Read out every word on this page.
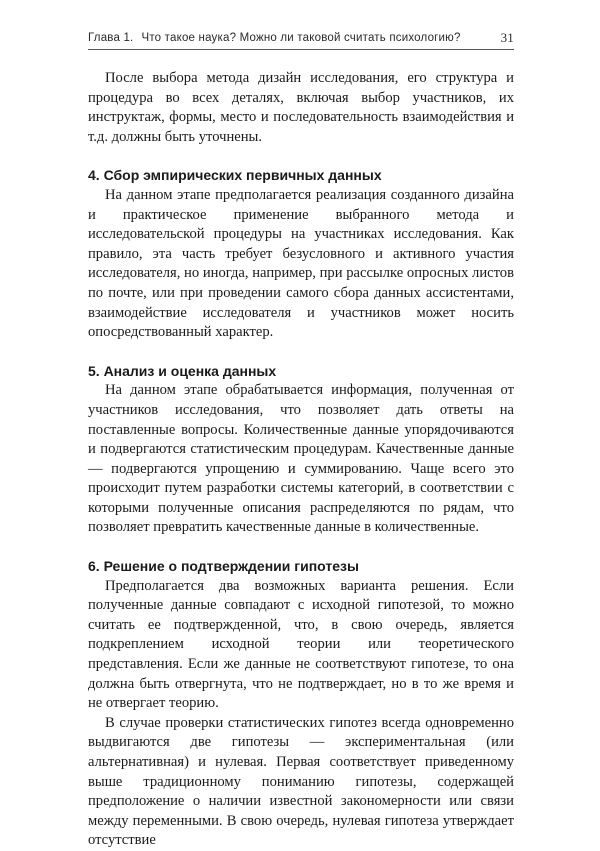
Глава 1. Что такое наука? Можно ли таковой считать психологию?	31

После выбора метода дизайн исследования, его структура и процедура во всех деталях, включая выбор участников, их инструктаж, формы, место и последовательность взаимодействия и т.д. должны быть уточнены.

4. Сбор эмпирических первичных данных

На данном этапе предполагается реализация созданного дизайна и практическое применение выбранного метода и исследовательской процедуры на участниках исследования. Как правило, эта часть требует безусловного и активного участия исследователя, но иногда, например, при рассылке опросных листов по почте, или при проведении самого сбора данных ассистентами, взаимодействие исследователя и участников может носить опосредствованный характер.

5. Анализ и оценка данных

На данном этапе обрабатывается информация, полученная от участников исследования, что позволяет дать ответы на поставленные вопросы. Количественные данные упорядочиваются и подвергаются статистическим процедурам. Качественные данные — подвергаются упрощению и суммированию. Чаще всего это происходит путем разработки системы категорий, в соответствии с которыми полученные описания распределяются по рядам, что позволяет превратить качественные данные в количественные.

6. Решение о подтверждении гипотезы

Предполагается два возможных варианта решения. Если полученные данные совпадают с исходной гипотезой, то можно считать ее подтвержденной, что, в свою очередь, является подкреплением исходной теории или теоретического представления. Если же данные не соответствуют гипотезе, то она должна быть отвергнута, что не подтверждает, но в то же время и не отвергает теорию.

В случае проверки статистических гипотез всегда одновременно выдвигаются две гипотезы — экспериментальная (или альтернативная) и нулевая. Первая соответствует приведенному выше традиционному пониманию гипотезы, содержащей предположение о наличии известной закономерности или связи между переменными. В свою очередь, нулевая гипотеза утверждает отсутствие
